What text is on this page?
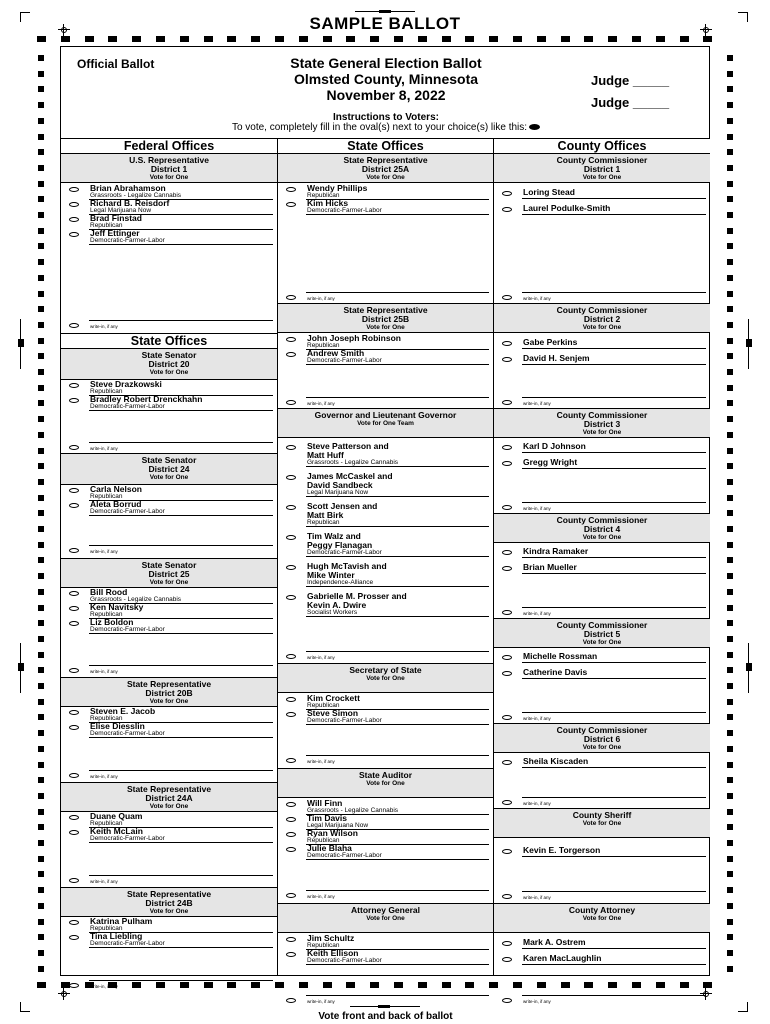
SAMPLE BALLOT
Official Ballot	State General Election Ballot
Olmsted County, Minnesota
November 8, 2022
Judge _____
Judge _____
Instructions to Voters:
To vote, completely fill in the oval(s) next to your choice(s) like this:
Federal Offices
U.S. Representative
District 1
Vote for One
Brian Abrahamson
Grassroots - Legalize Cannabis
Richard B. Reisdorf
Legal Marijuana Now
Brad Finstad
Republican
Jeff Ettinger
Democratic-Farmer-Labor
write-in, if any
State Offices
State Senator
District 20
Vote for One
Steve Drazkowski
Republican
Bradley Robert Drenckhahn
Democratic-Farmer-Labor
write-in, if any
State Senator
District 24
Vote for One
Carla Nelson
Republican
Aleta Borrud
Democratic-Farmer-Labor
write-in, if any
State Senator
District 25
Vote for One
Bill Rood
Grassroots - Legalize Cannabis
Ken Navitsky
Republican
Liz Boldon
Democratic-Farmer-Labor
write-in, if any
State Representative
District 20B
Vote for One
Steven E. Jacob
Republican
Elise Diesslin
Democratic-Farmer-Labor
write-in, if any
State Representative
District 24A
Vote for One
Duane Quam
Republican
Keith McLain
Democratic-Farmer-Labor
write-in, if any
State Representative
District 24B
Vote for One
Katrina Pulham
Republican
Tina Liebling
Democratic-Farmer-Labor
write-in, if any
State Offices
State Representative
District 25A
Vote for One
Wendy Phillips
Republican
Kim Hicks
Democratic-Farmer-Labor
write-in, if any
State Representative
District 25B
Vote for One
John Joseph Robinson
Republican
Andrew Smith
Democratic-Farmer-Labor
write-in, if any
Governor and Lieutenant Governor
Vote for One Team
Steve Patterson and
Matt Huff
Grassroots - Legalize Cannabis
James McCaskel and
David Sandbeck
Legal Marijuana Now
Scott Jensen and
Matt Birk
Republican
Tim Walz and
Peggy Flanagan
Democratic-Farmer-Labor
Hugh McTavish and
Mike Winter
Independence-Alliance
Gabrielle M. Prosser and
Kevin A. Dwire
Socialist Workers
write-in, if any
Secretary of State
Vote for One
Kim Crockett
Republican
Steve Simon
Democratic-Farmer-Labor
write-in, if any
State Auditor
Vote for One
Will Finn
Grassroots - Legalize Cannabis
Tim Davis
Legal Marijuana Now
Ryan Wilson
Republican
Julie Blaha
Democratic-Farmer-Labor
write-in, if any
Attorney General
Vote for One
Jim Schultz
Republican
Keith Ellison
Democratic-Farmer-Labor
write-in, if any
Vote front and back of ballot
County Offices
County Commissioner
District 1
Vote for One
Loring Stead
Laurel Podulke-Smith
write-in, if any
County Commissioner
District 2
Vote for One
Gabe Perkins
David H. Senjem
write-in, if any
County Commissioner
District 3
Vote for One
Karl D Johnson
Gregg Wright
write-in, if any
County Commissioner
District 4
Vote for One
Kindra Ramaker
Brian Mueller
write-in, if any
County Commissioner
District 5
Vote for One
Michelle Rossman
Catherine Davis
write-in, if any
County Commissioner
District 6
Vote for One
Sheila Kiscaden
write-in, if any
County Sheriff
Vote for One
Kevin E. Torgerson
write-in, if any
County Attorney
Vote for One
Mark A. Ostrem
Karen MacLaughlin
write-in, if any
